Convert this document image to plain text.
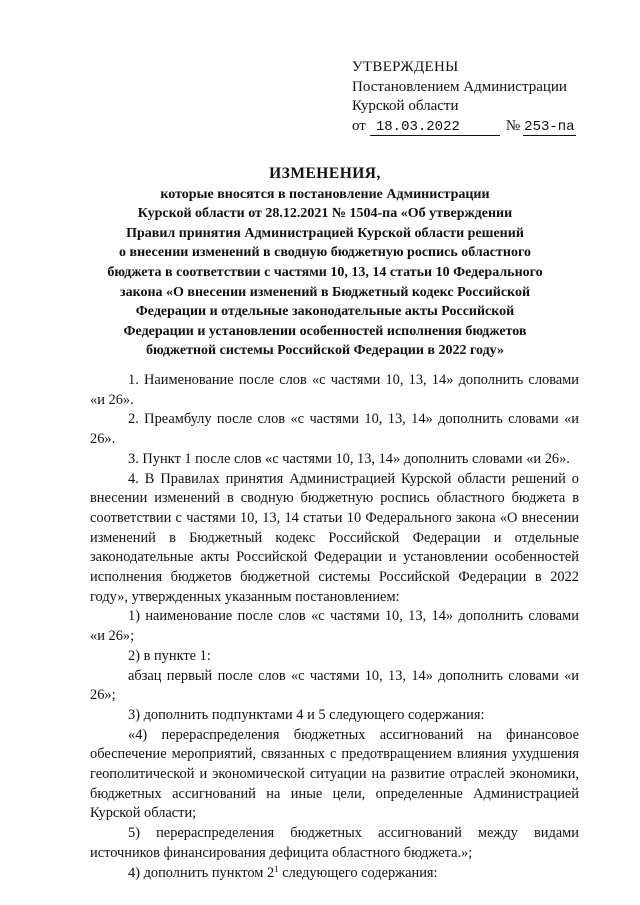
УТВЕРЖДЕНЫ
Постановлением Администрации
Курской области
от 18.03.2022	№ 253-па
ИЗМЕНЕНИЯ,
которые вносятся в постановление Администрации
Курской области от 28.12.2021 № 1504-па «Об утверждении
Правил принятия Администрацией Курской области решений
о внесении изменений в сводную бюджетную роспись областного
бюджета в соответствии с частями 10, 13, 14 статьи 10 Федерального
закона «О внесении изменений в Бюджетный кодекс Российской
Федерации и отдельные законодательные акты Российской
Федерации и установлении особенностей исполнения бюджетов
бюджетной системы Российской Федерации в 2022 году»

1. Наименование после слов «с частями 10, 13, 14» дополнить словами «и 26».

2. Преамбулу после слов «с частями 10, 13, 14» дополнить словами «и 26».

3. Пункт 1 после слов «с частями 10, 13, 14» дополнить словами «и 26».

4. В Правилах принятия Администрацией Курской области решений о внесении изменений в сводную бюджетную роспись областного бюджета в соответствии с частями 10, 13, 14 статьи 10 Федерального закона «О внесении изменений в Бюджетный кодекс Российской Федерации и отдельные законодательные акты Российской Федерации и установлении особенностей исполнения бюджетов бюджетной системы Российской Федерации в 2022 году», утвержденных указанным постановлением:

1) наименование после слов «с частями 10, 13, 14» дополнить словами «и 26»;

2) в пункте 1:

абзац первый после слов «с частями 10, 13, 14» дополнить словами «и 26»;

3) дополнить подпунктами 4 и 5 следующего содержания:

«4) перераспределения бюджетных ассигнований на финансовое обеспечение мероприятий, связанных с предотвращением влияния ухудшения геополитической и экономической ситуации на развитие отраслей экономики, бюджетных ассигнований на иные цели, определенные Администрацией Курской области;

5) перераспределения бюджетных ассигнований между видами источников финансирования дефицита областного бюджета.»;

4) дополнить пунктом $2^1$ следующего содержания:
